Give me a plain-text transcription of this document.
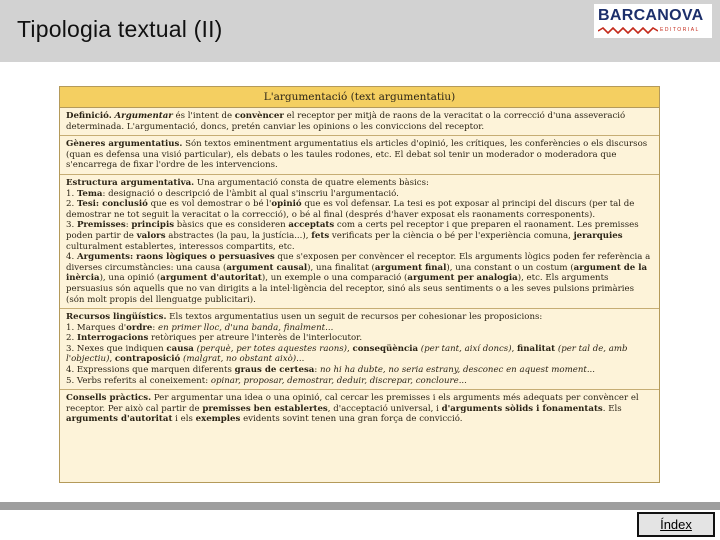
Tipologia textual (II)
BARCANOVA
EDITORIAL
L'argumentació (text argumentatiu)
Definició. Argumentar és l'intent de convèncer el receptor per mitjà de raons de la veracitat o la correcció d'una asseveració determinada. L'argumentació, doncs, pretén canviar les opinions o les conviccions del receptor.
Gèneres argumentatius. Són textos eminentment argumentatius els articles d'opinió, les crítiques, les conferències o els discursos (quan es defensa una visió particular), els debats o les taules rodones, etc. El debat sol tenir un moderador o moderadora que s'encarrega de fixar l'ordre de les intervencions.
Estructura argumentativa. Una argumentació consta de quatre elements bàsics:
1. Tema: designació o descripció de l'àmbit al qual s'inscriu l'argumentació.
2. Tesi: conclusió que es vol demostrar o bé l'opinió que es vol defensar. La tesi es pot exposar al principi del discurs (per tal de demostrar ne tot seguit la veracitat o la correcció), o bé al final (després d'haver exposat els raonaments corresponents).
3. Premisses: principis bàsics que es consideren acceptats com a certs pel receptor i que preparen el raonament. Les premisses poden partir de valors abstractes (la pau, la justícia...), fets verificats per la ciència o bé per l'experiència comuna, jerarquies culturalment establertes, interessos compartits, etc.
4. Arguments: raons lògiques o persuasives que s'exposen per convèncer el receptor. Els arguments lògics poden fer referència a diverses circumstàncies: una causa (argument causal), una finalitat (argument final), una constant o un costum (argument de la inèrcia), una opinió (argument d'autoritat), un exemple o una comparació (argument per analogia), etc. Els arguments persuasius són aquells que no van dirigits a la intel·ligència del receptor, sinó als seus sentiments o a les seves pulsions primàries (són molt propis del llenguatge publicitari).
Recursos lingüístics. Els textos argumentatius usen un seguit de recursos per cohesionar les proposicions:
1. Marques d'ordre: en primer lloc, d'una banda, finalment...
2. Interrogacions retòriques per atreure l'interès de l'interlocutor.
3. Nexes que indiquen causa (perquè, per totes aquestes raons), conseqüència (per tant, així doncs), finalitat (per tal de, amb l'objectiu), contraposició (malgrat, no obstant això)...
4. Expressions que marquen diferents graus de certesa: no hi ha dubte, no seria estrany, desconec en aquest moment...
5. Verbs referits al coneixement: opinar, proposar, demostrar, deduir, discrepar, concloure...
Consells pràctics. Per argumentar una idea o una opinió, cal cercar les premisses i els arguments més adequats per convèncer el receptor. Per això cal partir de premisses ben establertes, d'acceptació universal, i d'arguments sòlids i fonamentats. Els arguments d'autoritat i els exemples evidents sovint tenen una gran força de convicció.
Índex
